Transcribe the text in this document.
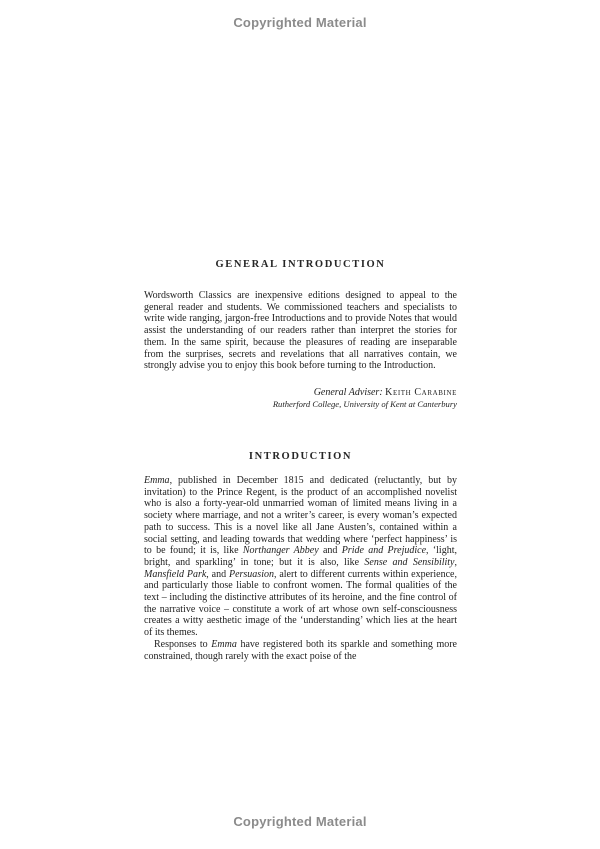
Copyrighted Material
GENERAL INTRODUCTION

Wordsworth Classics are inexpensive editions designed to appeal to the general reader and students. We commissioned teachers and specialists to write wide ranging, jargon-free Introductions and to provide Notes that would assist the understanding of our readers rather than interpret the stories for them. In the same spirit, because the pleasures of reading are inseparable from the surprises, secrets and revelations that all narratives contain, we strongly advise you to enjoy this book before turning to the Introduction.

General Adviser: Keith Carabine
Rutherford College, University of Kent at Canterbury
INTRODUCTION

Emma, published in December 1815 and dedicated (reluctantly, but by invitation) to the Prince Regent, is the product of an accomplished novelist who is also a forty-year-old unmarried woman of limited means living in a society where marriage, and not a writer’s career, is every woman’s expected path to success. This is a novel like all Jane Austen’s, contained within a social setting, and leading towards that wedding where ‘perfect happiness’ is to be found; it is, like Northanger Abbey and Pride and Prejudice, ‘light, bright, and sparkling’ in tone; but it is also, like Sense and Sensibility, Mansfield Park, and Persuasion, alert to different currents within experience, and particularly those liable to confront women. The formal qualities of the text – including the distinctive attributes of its heroine, and the fine control of the narrative voice – constitute a work of art whose own self-consciousness creates a witty aesthetic image of the ‘understanding’ which lies at the heart of its themes.

Responses to Emma have registered both its sparkle and something more constrained, though rarely with the exact poise of the

Copyrighted Material
